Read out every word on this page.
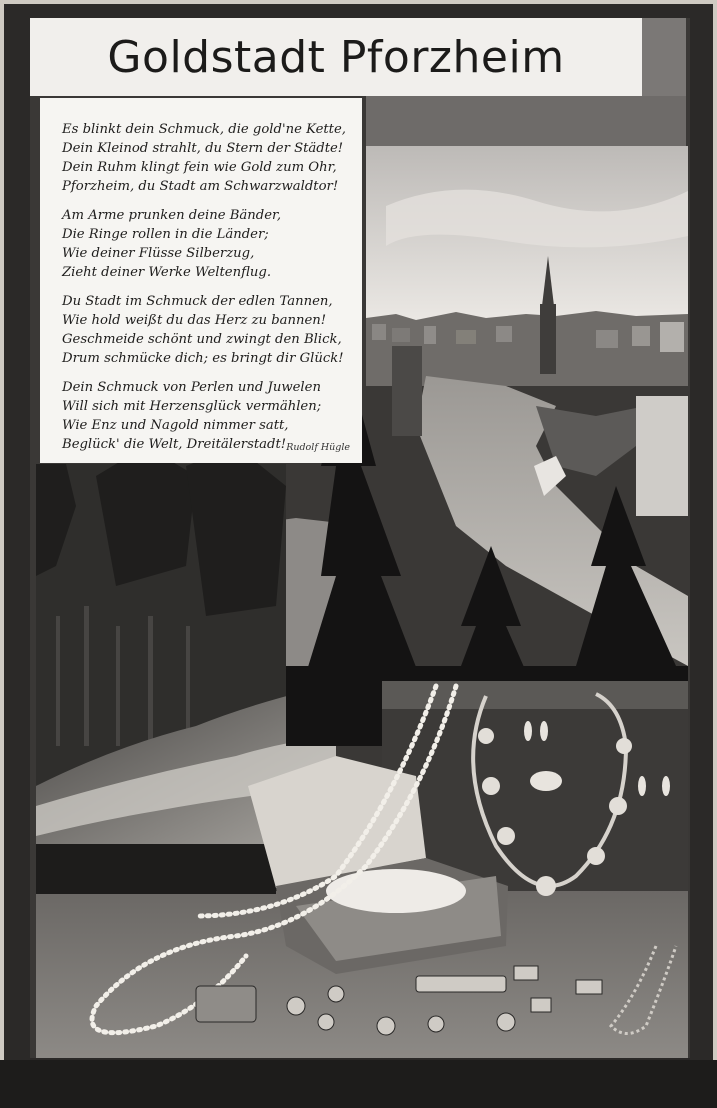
Goldstadt Pforzheim
Es blinkt dein Schmuck, die gold'ne Kette,
Dein Kleinod strahlt, du Stern der Städte!
Dein Ruhm klingt fein wie Gold zum Ohr,
Pforzheim, du Stadt am Schwarzwaldtor!
Am Arme prunken deine Bänder,
Die Ringe rollen in die Länder;
Wie deiner Flüsse Silberzug,
Zieht deiner Werke Weltenflug.
Du Stadt im Schmuck der edlen Tannen,
Wie hold weißt du das Herz zu bannen!
Geschmeide schönt und zwingt den Blick,
Drum schmücke dich; es bringt dir Glück!
Dein Schmuck von Perlen und Juwelen
Will sich mit Herzensglück vermählen;
Wie Enz und Nagold nimmer satt,
Beglück' die Welt, Dreitälerstadt! Rudolf Hügle
